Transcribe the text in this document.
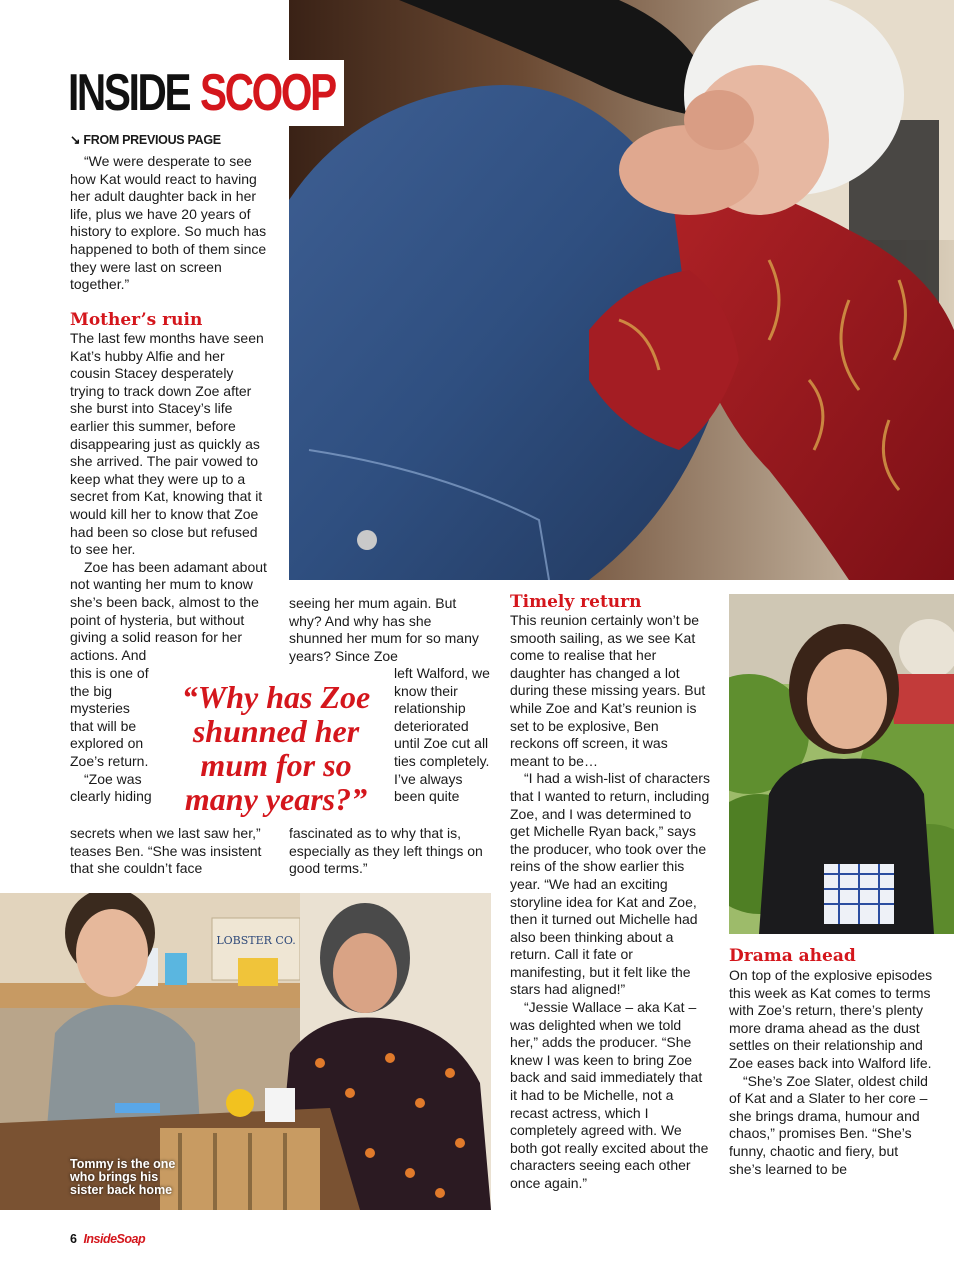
INSIDE SCOOP
↘ FROM PREVIOUS PAGE
“We were desperate to see how Kat would react to having her adult daughter back in her life, plus we have 20 years of history to explore. So much has happened to both of them since they were last on screen together.”
Mother’s ruin

The last few months have seen Kat’s hubby Alfie and her cousin Stacey desperately trying to track down Zoe after she burst into Stacey’s life earlier this summer, before disappearing just as quickly as she arrived. The pair vowed to keep what they were up to a secret from Kat, knowing that it would kill her to know that Zoe had been so close but refused to see her.

Zoe has been adamant about not wanting her mum to know she’s been back, almost to the point of hysteria, but without giving a solid reason for her actions. And

this is one of the big mysteries that will be explored on Zoe’s return.

“Zoe was clearly hiding

secrets when we last saw her,” teases Ben. “She was insistent that she couldn’t face

seeing her mum again. But why? And why has she shunned her mum for so many years? Since Zoe

left Walford, we know their relationship deteriorated until Zoe cut all ties completely. I’ve always been quite

fascinated as to why that is, especially as they left things on good terms.”

“Why has Zoe shunned her mum for so many years?”
Timely return

This reunion certainly won’t be smooth sailing, as we see Kat come to realise that her daughter has changed a lot during these missing years. But while Zoe and Kat’s reunion is set to be explosive, Ben reckons off screen, it was meant to be…

“I had a wish-list of characters that I wanted to return, including Zoe, and I was determined to get Michelle Ryan back,” says the producer, who took over the reins of the show earlier this year. “We had an exciting storyline idea for Kat and Zoe, then it turned out Michelle had also been thinking about a return. Call it fate or manifesting, but it felt like the stars had aligned!”

“Jessie Wallace – aka Kat – was delighted when we told her,” adds the producer. “She knew I was keen to bring Zoe back and said immediately that it had to be Michelle, not a recast actress, which I completely agreed with. We both got really excited about the characters seeing each other once again.”

Drama ahead

On top of the explosive episodes this week as Kat comes to terms with Zoe’s return, there’s plenty more drama ahead as the dust settles on their relationship and Zoe eases back into Walford life.

“She’s Zoe Slater, oldest child of Kat and a Slater to her core – she brings drama, humour and chaos,” promises Ben. “She’s funny, chaotic and fiery, but she’s learned to be

LOBSTER CO.
Tommy is the one who brings his sister back home
6 InsideSoap
